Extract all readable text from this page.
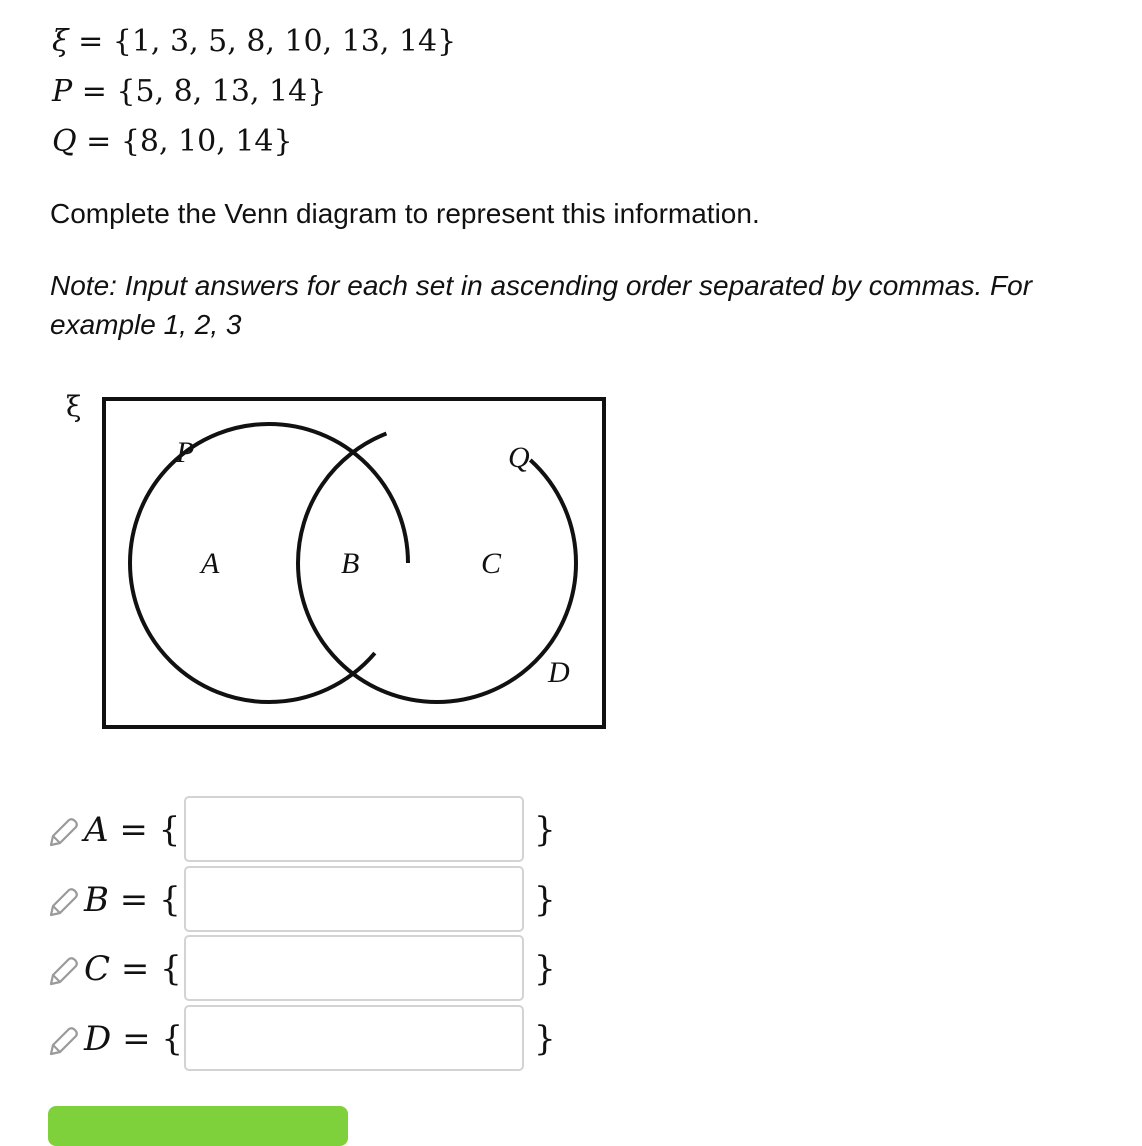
ξ = {1, 3, 5, 8, 10, 13, 14}
P = {5, 8, 13, 14}
Q = {8, 10, 14}
Complete the Venn diagram to represent this information.
Note: Input answers for each set in ascending order separated by commas. For example 1, 2, 3
ξ
P	Q
A	B	C
D
A = {	}
B = {	}
C = {	}
D = {	}
